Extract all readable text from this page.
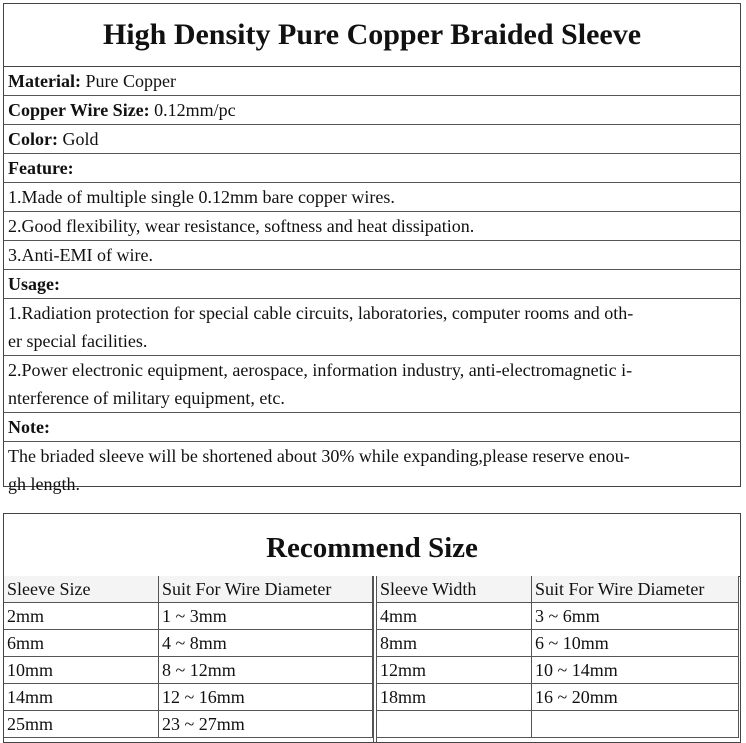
High Density Pure Copper Braided Sleeve
Material: Pure Copper
Copper Wire Size: 0.12mm/pc
Color: Gold
Feature:
1.Made of multiple single 0.12mm bare copper wires.
2.Good flexibility, wear resistance, softness and heat dissipation.
3.Anti-EMI of wire.
Usage:
1.Radiation protection for special cable circuits, laboratories, computer rooms and oth-
er special facilities.
2.Power electronic equipment, aerospace, information industry, anti-electromagnetic i-
nterference of military equipment, etc.
Note:
The briaded sleeve will be shortened about 30% while expanding,please reserve enou-
gh length.
Recommend Size
Sleeve Size
2mm
6mm
10mm
14mm
25mm
Suit For Wire Diameter
1 ~ 3mm
4 ~ 8mm
8 ~ 12mm
12 ~ 16mm
23 ~ 27mm
Sleeve Width
4mm
8mm
12mm
18mm
Suit For Wire Diameter
3 ~ 6mm
6 ~ 10mm
10 ~ 14mm
16 ~ 20mm
